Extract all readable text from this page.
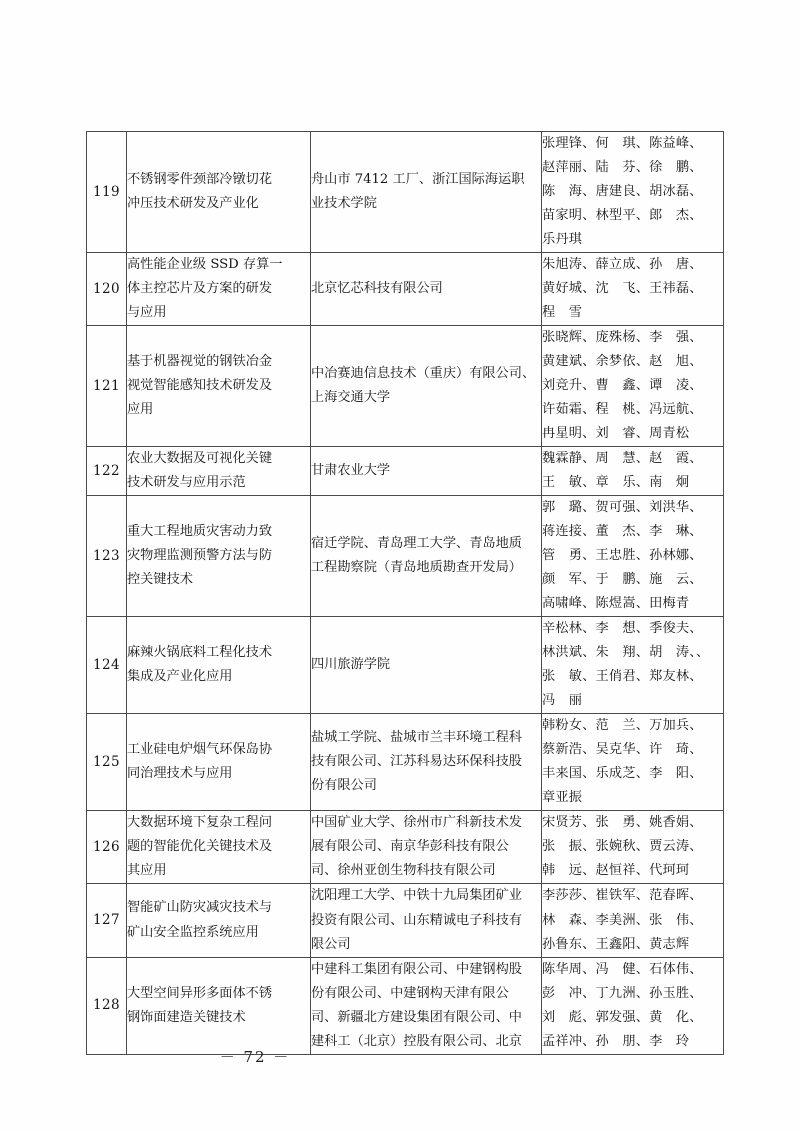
119	不锈钢零件颈部冷镦切花
冲压技术研发及产业化	舟山市 7412 工厂、浙江国际海运职
业技术学院	张理锋、何　琪、陈益峰、
赵萍丽、陆　芬、徐　鹏、
陈　海、唐建良、胡冰磊、
苗家明、林型平、郎　杰、
乐丹琪

120	高性能企业级 SSD 存算一
体主控芯片及方案的研发
与应用	北京忆芯科技有限公司	朱旭涛、薛立成、孙　唐、
黄好城、沈　飞、王祎磊、
程　雪

121	基于机器视觉的钢铁冶金
视觉智能感知技术研发及
应用	中冶赛迪信息技术（重庆）有限公司、
上海交通大学	张晓辉、庞殊杨、李　强、
黄建斌、余梦依、赵　旭、
刘竞升、曹　鑫、谭　凌、
许茹霜、程　桃、冯远航、
冉星明、刘　睿、周青松

122	农业大数据及可视化关键
技术研发与应用示范	甘肃农业大学	魏霖静、周　慧、赵　霞、
王　敏、章　乐、南　炯

123	重大工程地质灾害动力致
灾物理监测预警方法与防
控关键技术	宿迁学院、青岛理工大学、青岛地质
工程勘察院（青岛地质勘查开发局）	郭　璐、贺可强、刘洪华、
蒋连接、董　杰、李　琳、
管　勇、王忠胜、孙林娜、
颜　军、于　鹏、施　云、
高啸峰、陈煜嵩、田梅青

124	麻辣火锅底料工程化技术
集成及产业化应用	四川旅游学院	辛松林、李　想、季俊夫、
林洪斌、朱　翔、胡　涛、、
张　敏、王俏君、郑友林、
冯　丽

125	工业硅电炉烟气环保岛协
同治理技术与应用	盐城工学院、盐城市兰丰环境工程科
技有限公司、江苏科易达环保科技股
份有限公司	韩粉女、范　兰、万加兵、
蔡新浩、吴克华、许　琦、
丰来国、乐成芝、李　阳、
章亚振

126	大数据环境下复杂工程问
题的智能优化关键技术及
其应用	中国矿业大学、徐州市广科新技术发
展有限公司、南京华彭科技有限公
司、徐州亚创生物科技有限公司	宋贤芳、张　勇、姚香娟、
张　振、张婉秋、贾云涛、
韩　远、赵恒祥、代珂珂

127	智能矿山防灾减灾技术与
矿山安全监控系统应用	沈阳理工大学、中铁十九局集团矿业
投资有限公司、山东精诚电子科技有
限公司	李莎莎、崔铁军、范春晖、
林　森、李美洲、张　伟、
孙鲁东、王鑫阳、黄志辉

128	大型空间异形多面体不锈
钢饰面建造关键技术	中建科工集团有限公司、中建钢构股
份有限公司、中建钢构天津有限公
司、新疆北方建设集团有限公司、中
建科工（北京）控股有限公司、北京	陈华周、冯　健、石体伟、
彭　冲、丁九洲、孙玉胜、
刘　彪、郭发强、黄　化、
孟祥冲、孙　朋、李　玲
－ 72 －
